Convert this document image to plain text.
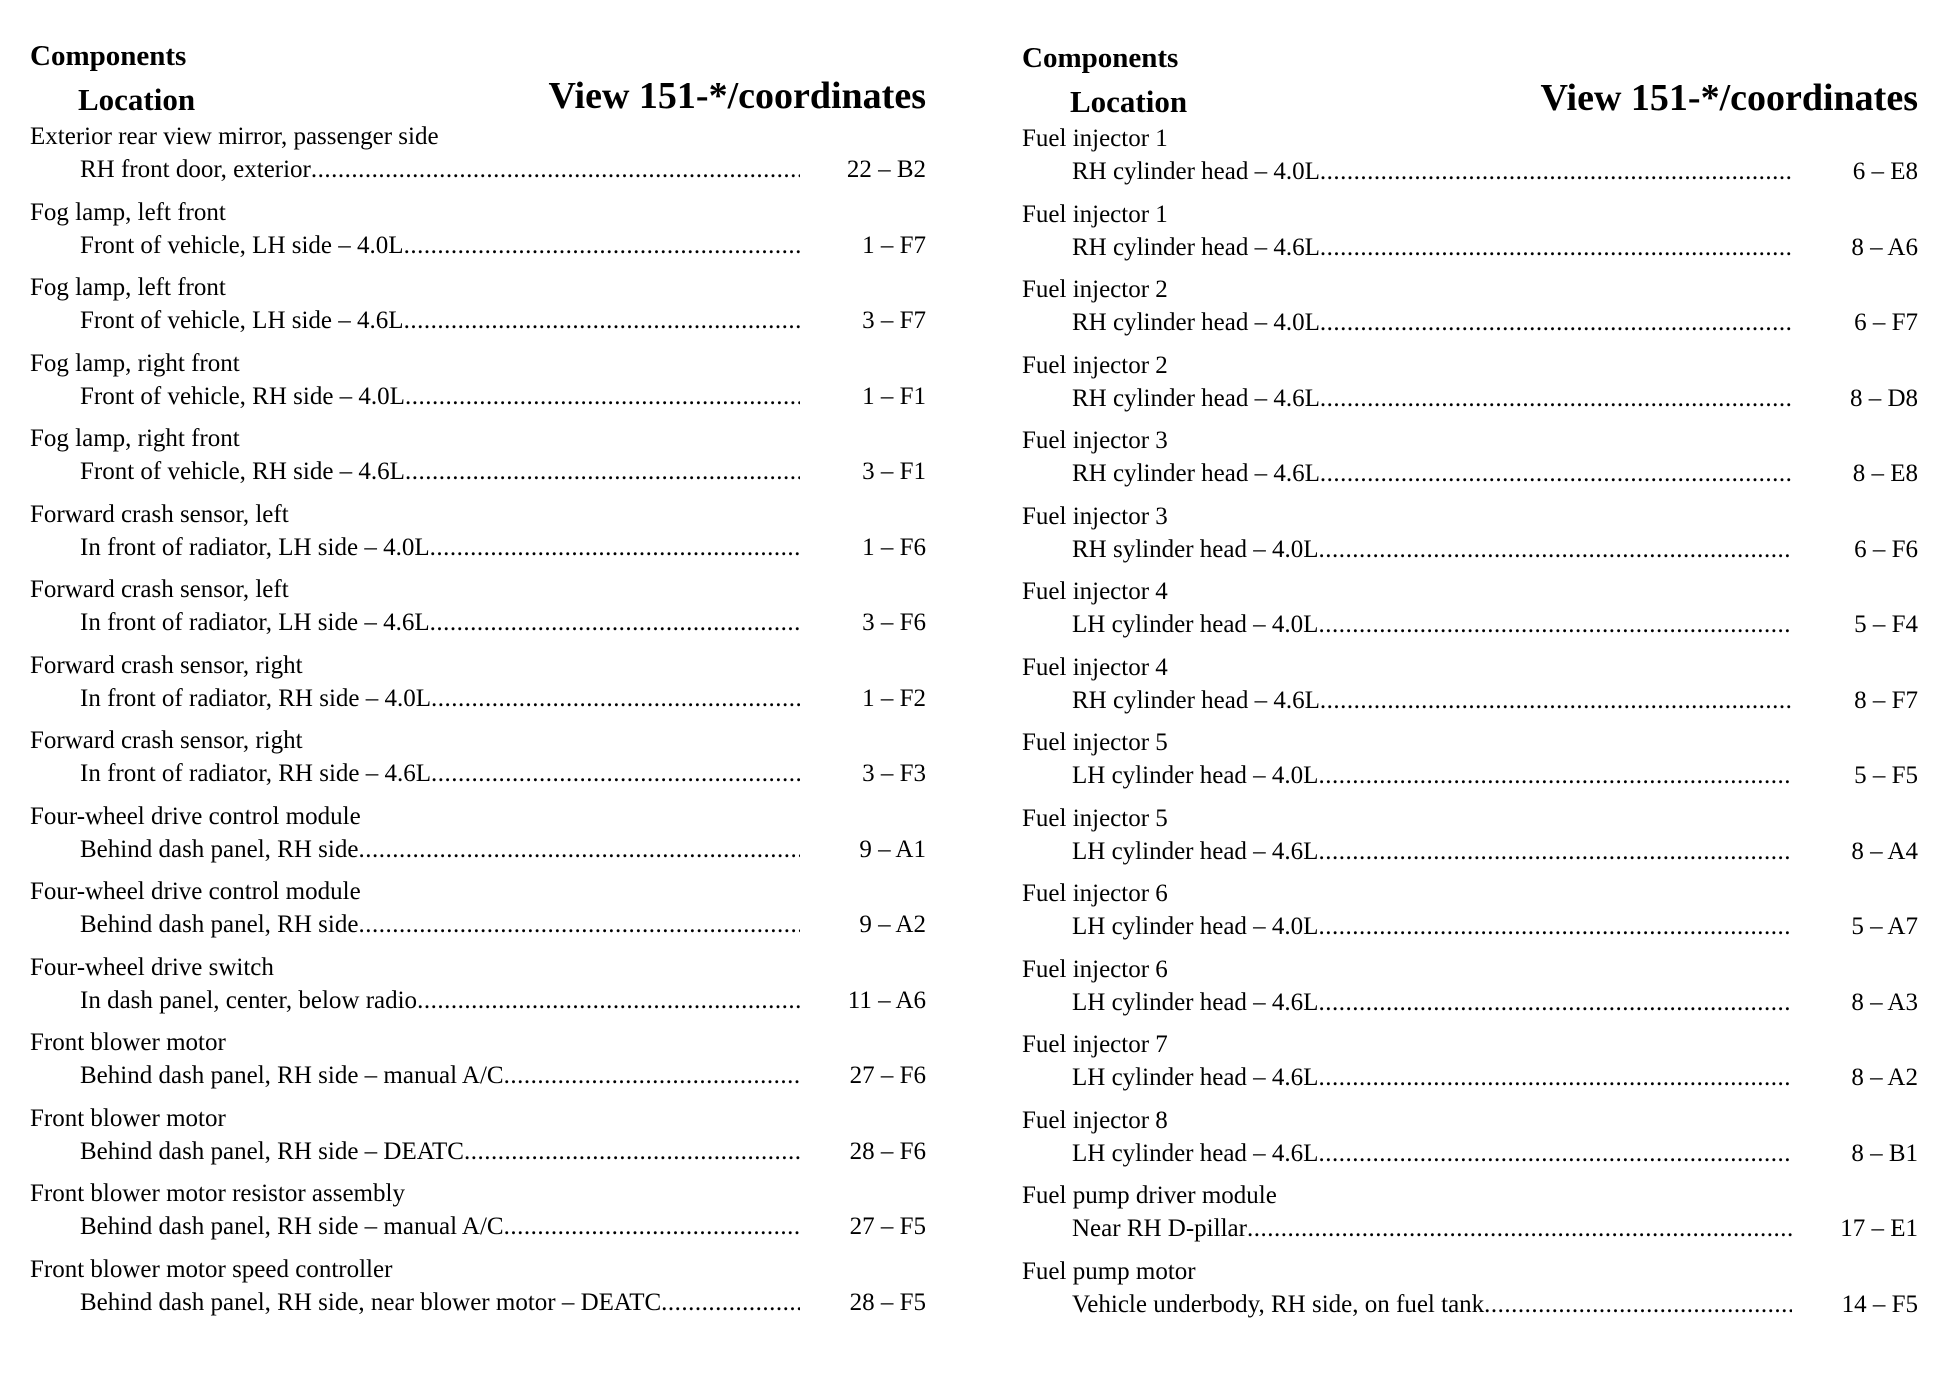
Components
Location	View 151-*/coordinates
Exterior rear view mirror, passenger side
RH front door, exterior .....	22 – B2
Fog lamp, left front
Front of vehicle, LH side – 4.0L .....	1 – F7
Fog lamp, left front
Front of vehicle, LH side – 4.6L .....	3 – F7
Fog lamp, right front
Front of vehicle, RH side – 4.0L .....	1 – F1
Fog lamp, right front
Front of vehicle, RH side – 4.6L .....	3 – F1
Forward crash sensor, left
In front of radiator, LH side – 4.0L .....	1 – F6
Forward crash sensor, left
In front of radiator, LH side – 4.6L .....	3 – F6
Forward crash sensor, right
In front of radiator, RH side – 4.0L .....	1 – F2
Forward crash sensor, right
In front of radiator, RH side – 4.6L .....	3 – F3
Four-wheel drive control module
Behind dash panel, RH side .....	9 – A1
Four-wheel drive control module
Behind dash panel, RH side .....	9 – A2
Four-wheel drive switch
In dash panel, center, below radio .....	11 – A6
Front blower motor
Behind dash panel, RH side – manual A/C .....	27 – F6
Front blower motor
Behind dash panel, RH side – DEATC .....	28 – F6
Front blower motor resistor assembly
Behind dash panel, RH side – manual A/C .....	27 – F5
Front blower motor speed controller
Behind dash panel, RH side, near blower motor – DEATC .....	28 – F5
Components
Location	View 151-*/coordinates
Fuel injector 1
RH cylinder head – 4.0L .....	6 – E8
Fuel injector 1
RH cylinder head – 4.6L .....	8 – A6
Fuel injector 2
RH cylinder head – 4.0L .....	6 – F7
Fuel injector 2
RH cylinder head – 4.6L .....	8 – D8
Fuel injector 3
RH cylinder head – 4.6L .....	8 – E8
Fuel injector 3
RH sylinder head – 4.0L .....	6 – F6
Fuel injector 4
LH cylinder head – 4.0L .....	5 – F4
Fuel injector 4
RH cylinder head – 4.6L .....	8 – F7
Fuel injector 5
LH cylinder head – 4.0L .....	5 – F5
Fuel injector 5
LH cylinder head – 4.6L .....	8 – A4
Fuel injector 6
LH cylinder head – 4.0L .....	5 – A7
Fuel injector 6
LH cylinder head – 4.6L .....	8 – A3
Fuel injector 7
LH cylinder head – 4.6L .....	8 – A2
Fuel injector 8
LH cylinder head – 4.6L .....	8 – B1
Fuel pump driver module
Near RH D-pillar .....	17 – E1
Fuel pump motor
Vehicle underbody, RH side, on fuel tank .....	14 – F5
